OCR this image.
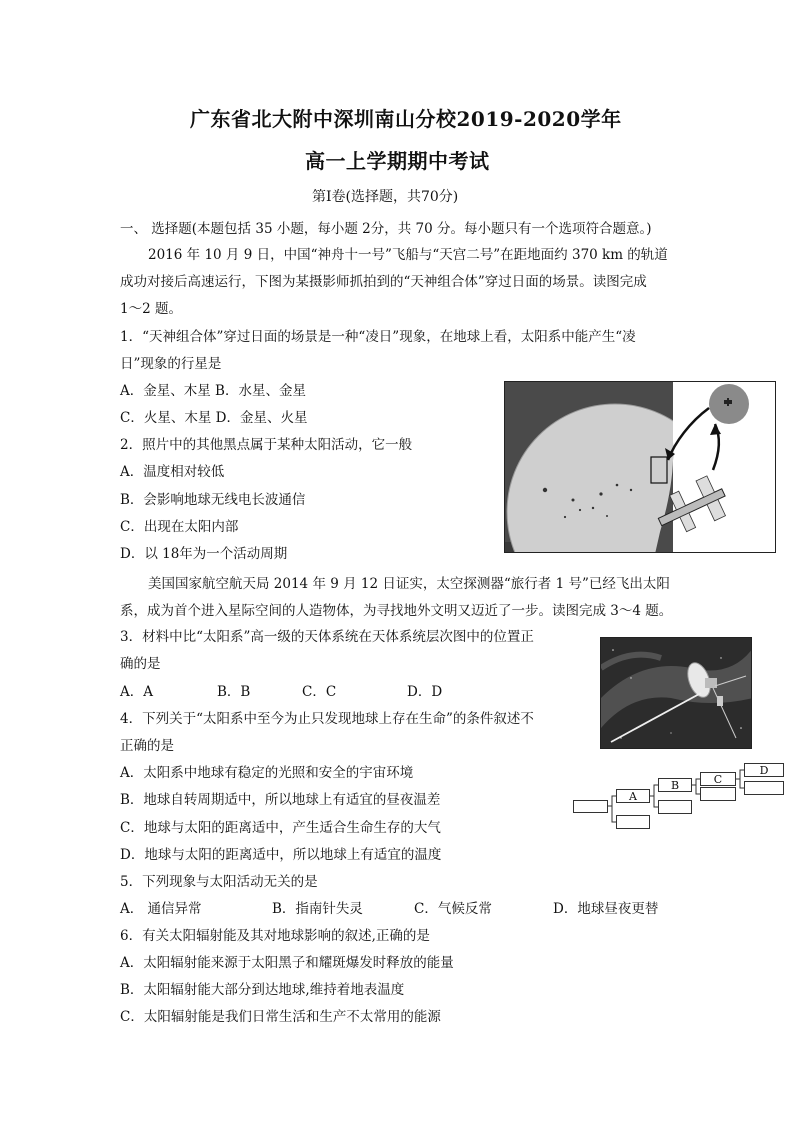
广东省北大附中深圳南山分校2019-2020学年
高一上学期期中考试
第Ⅰ卷(选择题，共70分)
一、 选择题(本题包括 35 小题，每小题 2分，共 70 分。每小题只有一个选项符合题意。)
2016 年 10 月 9 日，中国“神舟十一号”飞船与“天宫二号”在距地面约 370 km 的轨道
成功对接后高速运行，下图为某摄影师抓拍到的“天神组合体”穿过日面的场景。读图完成
1～2 题。
1．“天神组合体”穿过日面的场景是一种“凌日”现象，在地球上看，太阳系中能产生“凌
日”现象的行星是
A．金星、木星 B．水星、金星
C．火星、木星 D．金星、火星
2．照片中的其他黑点属于某种太阳活动，它一般
A．温度相对较低
B．会影响地球无线电长波通信
C．出现在太阳内部
D．以 18年为一个活动周期
美国国家航空航天局 2014 年 9 月 12 日证实，太空探测器“旅行者 1 号”已经飞出太阳
系，成为首个进入星际空间的人造物体，为寻找地外文明又迈近了一步。读图完成 3～4 题。
3．材料中比“太阳系”高一级的天体系统在天体系统层次图中的位置正
确的是
A．A	B．B	C．C	D．D
4．下列关于“太阳系中至今为止只发现地球上存在生命”的条件叙述不
正确的是
A．太阳系中地球有稳定的光照和安全的宇宙环境
B．地球自转周期适中，所以地球上有适宜的昼夜温差
C．地球与太阳的距离适中，产生适合生命生存的大气
D．地球与太阳的距离适中，所以地球上有适宜的温度
A
B	C
D
5．下列现象与太阳活动无关的是
A． 通信异常	B．指南针失灵	C．气候反常	D．地球昼夜更替
6．有关太阳辐射能及其对地球影响的叙述,正确的是
A．太阳辐射能来源于太阳黑子和耀斑爆发时释放的能量
B．太阳辐射能大部分到达地球,维持着地表温度
C．太阳辐射能是我们日常生活和生产不太常用的能源
